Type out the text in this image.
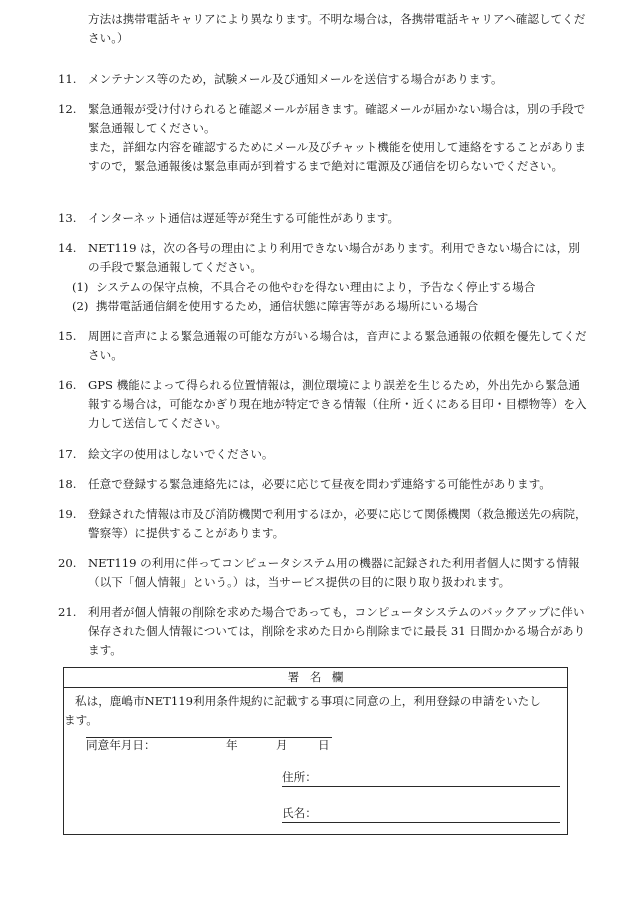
方法は携帯電話キャリアにより異なります。不明な場合は，各携帯電話キャリアへ確認してください。）

11. メンテナンス等のため，試験メール及び通知メールを送信する場合があります。

12. 緊急通報が受け付けられると確認メールが届きます。確認メールが届かない場合は，別の手段で緊急通報してください。

また，詳細な内容を確認するためにメール及びチャット機能を使用して連絡をすることがありますので，緊急通報後は緊急車両が到着するまで絶対に電源及び通信を切らないでください。

13. インターネット通信は遅延等が発生する可能性があります。

14. NET119 は，次の各号の理由により利用できない場合があります。利用できない場合には，別の手段で緊急通報してください。

(1) システムの保守点検，不具合その他やむを得ない理由により，予告なく停止する場合

(2) 携帯電話通信網を使用するため，通信状態に障害等がある場所にいる場合

15. 周囲に音声による緊急通報の可能な方がいる場合は，音声による緊急通報の依頼を優先してください。

16. GPS 機能によって得られる位置情報は，測位環境により誤差を生じるため，外出先から緊急通報する場合は，可能なかぎり現在地が特定できる情報（住所・近くにある目印・目標物等）を入力して送信してください。

17. 絵文字の使用はしないでください。

18. 任意で登録する緊急連絡先には，必要に応じて昼夜を問わず連絡する可能性があります。

19. 登録された情報は市及び消防機関で利用するほか，必要に応じて関係機関（救急搬送先の病院，警察等）に提供することがあります。

20. NET119 の利用に伴ってコンピュータシステム用の機器に記録された利用者個人に関する情報（以下「個人情報」という。）は，当サービス提供の目的に限り取り扱われます。

21. 利用者が個人情報の削除を求めた場合であっても，コンピュータシステムのバックアップに伴い保存された個人情報については，削除を求めた日から削除までに最長 31 日間かかる場合があります。

署名欄

私は，鹿嶋市NET119利用条件規約に記載する事項に同意の上，利用登録の申請をいたします。

同意年月日：	年	月	日
住所：
氏名：
